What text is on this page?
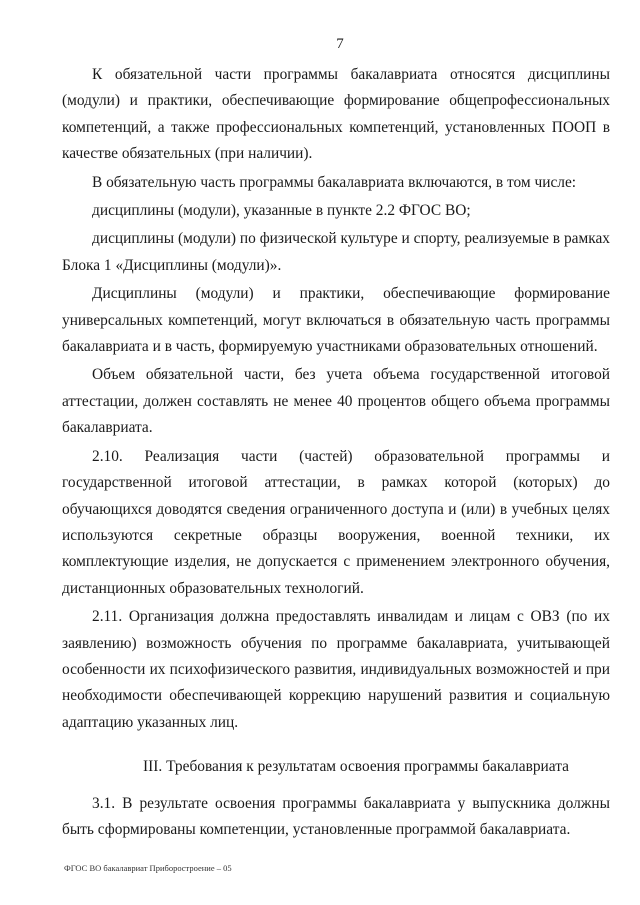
7

К обязательной части программы бакалавриата относятся дисциплины (модули) и практики, обеспечивающие формирование общепрофессиональных компетенций, а также профессиональных компетенций, установленных ПООП в качестве обязательных (при наличии).

В обязательную часть программы бакалавриата включаются, в том числе:

дисциплины (модули), указанные в пункте 2.2 ФГОС ВО;

дисциплины (модули) по физической культуре и спорту, реализуемые в рамках Блока 1 «Дисциплины (модули)».

Дисциплины (модули) и практики, обеспечивающие формирование универсальных компетенций, могут включаться в обязательную часть программы бакалавриата и в часть, формируемую участниками образовательных отношений.

Объем обязательной части, без учета объема государственной итоговой аттестации, должен составлять не менее 40 процентов общего объема программы бакалавриата.

2.10. Реализация части (частей) образовательной программы и государственной итоговой аттестации, в рамках которой (которых) до обучающихся доводятся сведения ограниченного доступа и (или) в учебных целях используются секретные образцы вооружения, военной техники, их комплектующие изделия, не допускается с применением электронного обучения, дистанционных образовательных технологий.

2.11. Организация должна предоставлять инвалидам и лицам с ОВЗ (по их заявлению) возможность обучения по программе бакалавриата, учитывающей особенности их психофизического развития, индивидуальных возможностей и при необходимости обеспечивающей коррекцию нарушений развития и социальную адаптацию указанных лиц.

III. Требования к результатам освоения программы бакалавриата

3.1. В результате освоения программы бакалавриата у выпускника должны быть сформированы компетенции, установленные программой бакалавриата.

ФГОС ВО бакалавриат Приборостроение – 05
